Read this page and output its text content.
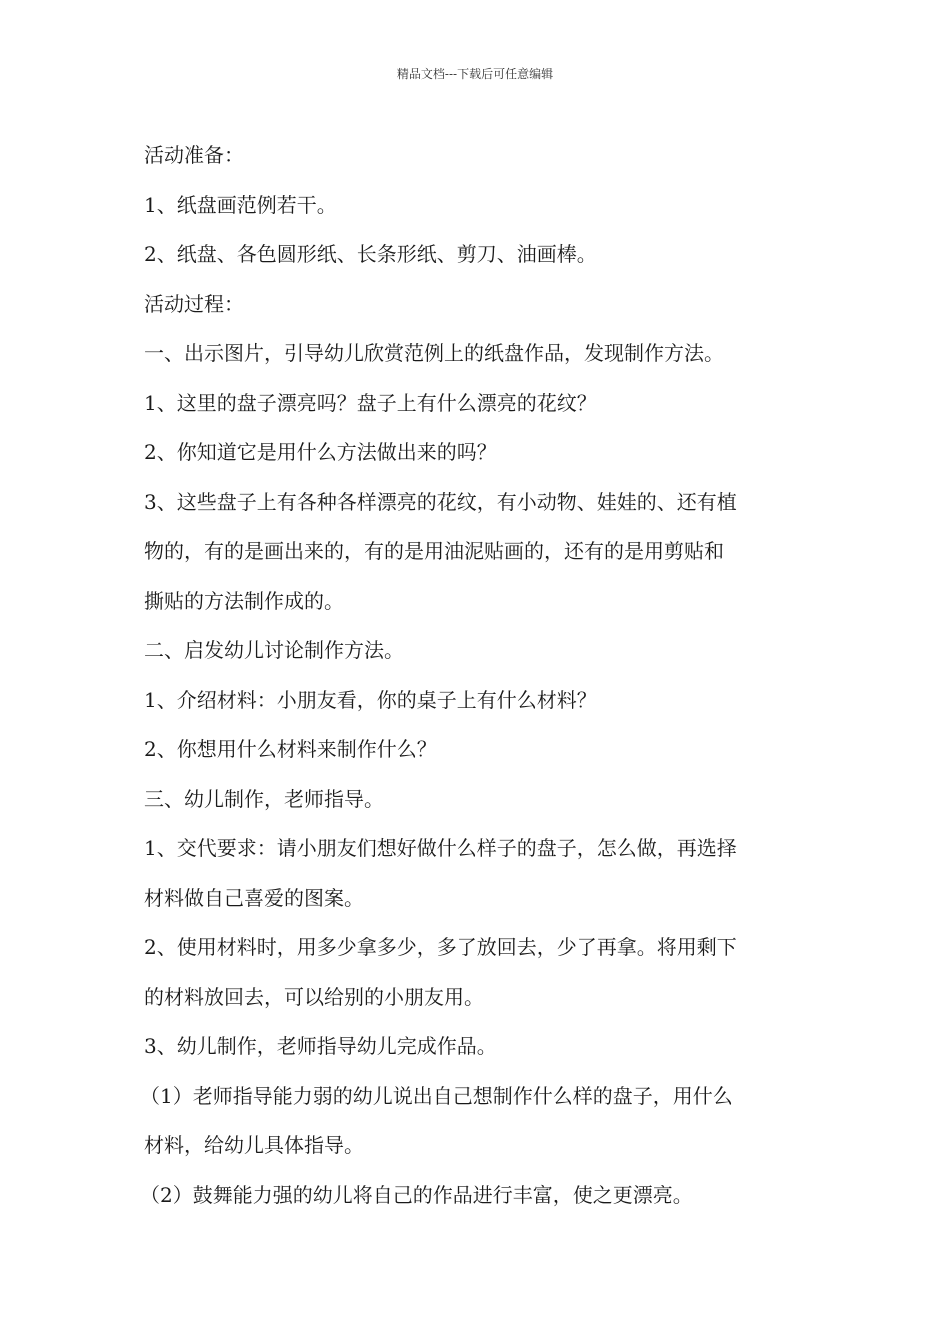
精品文档---下载后可任意编辑

活动准备：

1、纸盘画范例若干。

2、纸盘、各色圆形纸、长条形纸、剪刀、油画棒。

活动过程：

一、出示图片，引导幼儿欣赏范例上的纸盘作品，发现制作方法。

1、这里的盘子漂亮吗？盘子上有什么漂亮的花纹？

2、你知道它是用什么方法做出来的吗？

3、这些盘子上有各种各样漂亮的花纹，有小动物、娃娃的、还有植

物的，有的是画出来的，有的是用油泥贴画的，还有的是用剪贴和

撕贴的方法制作成的。

二、启发幼儿讨论制作方法。

1、介绍材料：小朋友看，你的桌子上有什么材料？

2、你想用什么材料来制作什么？

三、幼儿制作，老师指导。

1、交代要求：请小朋友们想好做什么样子的盘子，怎么做，再选择

材料做自己喜爱的图案。

2、使用材料时，用多少拿多少，多了放回去，少了再拿。将用剩下

的材料放回去，可以给别的小朋友用。

3、幼儿制作，老师指导幼儿完成作品。

（1）老师指导能力弱的幼儿说出自己想制作什么样的盘子，用什么

材料，给幼儿具体指导。

（2）鼓舞能力强的幼儿将自己的作品进行丰富，使之更漂亮。
